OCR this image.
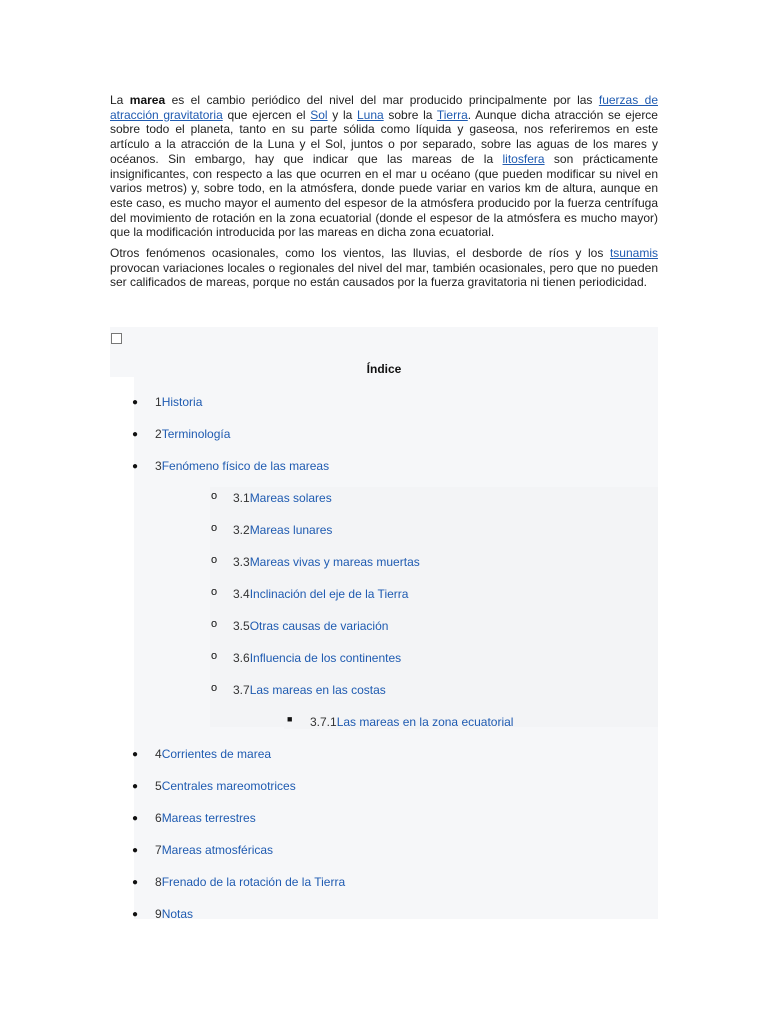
La marea es el cambio periódico del nivel del mar producido principalmente por las fuerzas de atracción gravitatoria que ejercen el Sol y la Luna sobre la Tierra. Aunque dicha atracción se ejerce sobre todo el planeta, tanto en su parte sólida como líquida y gaseosa, nos referiremos en este artículo a la atracción de la Luna y el Sol, juntos o por separado, sobre las aguas de los mares y océanos. Sin embargo, hay que indicar que las mareas de la litosfera son prácticamente insignificantes, con respecto a las que ocurren en el mar u océano (que pueden modificar su nivel en varios metros) y, sobre todo, en la atmósfera, donde puede variar en varios km de altura, aunque en este caso, es mucho mayor el aumento del espesor de la atmósfera producido por la fuerza centrífuga del movimiento de rotación en la zona ecuatorial (donde el espesor de la atmósfera es mucho mayor) que la modificación introducida por las mareas en dicha zona ecuatorial.

Otros fenómenos ocasionales, como los vientos, las lluvias, el desborde de ríos y los tsunamis provocan variaciones locales o regionales del nivel del mar, también ocasionales, pero que no pueden ser calificados de mareas, porque no están causados por la fuerza gravitatoria ni tienen periodicidad.

Índice
● 1Historia
● 2Terminología
● 3Fenómeno físico de las mareas
o 3.1Mareas solares
o 3.2Mareas lunares
o 3.3Mareas vivas y mareas muertas
o 3.4Inclinación del eje de la Tierra
o 3.5Otras causas de variación
o 3.6Influencia de los continentes
o 3.7Las mareas en las costas
■ 3.7.1Las mareas en la zona ecuatorial
● 4Corrientes de marea
● 5Centrales mareomotrices
● 6Mareas terrestres
● 7Mareas atmosféricas
● 8Frenado de la rotación de la Tierra
● 9Notas
